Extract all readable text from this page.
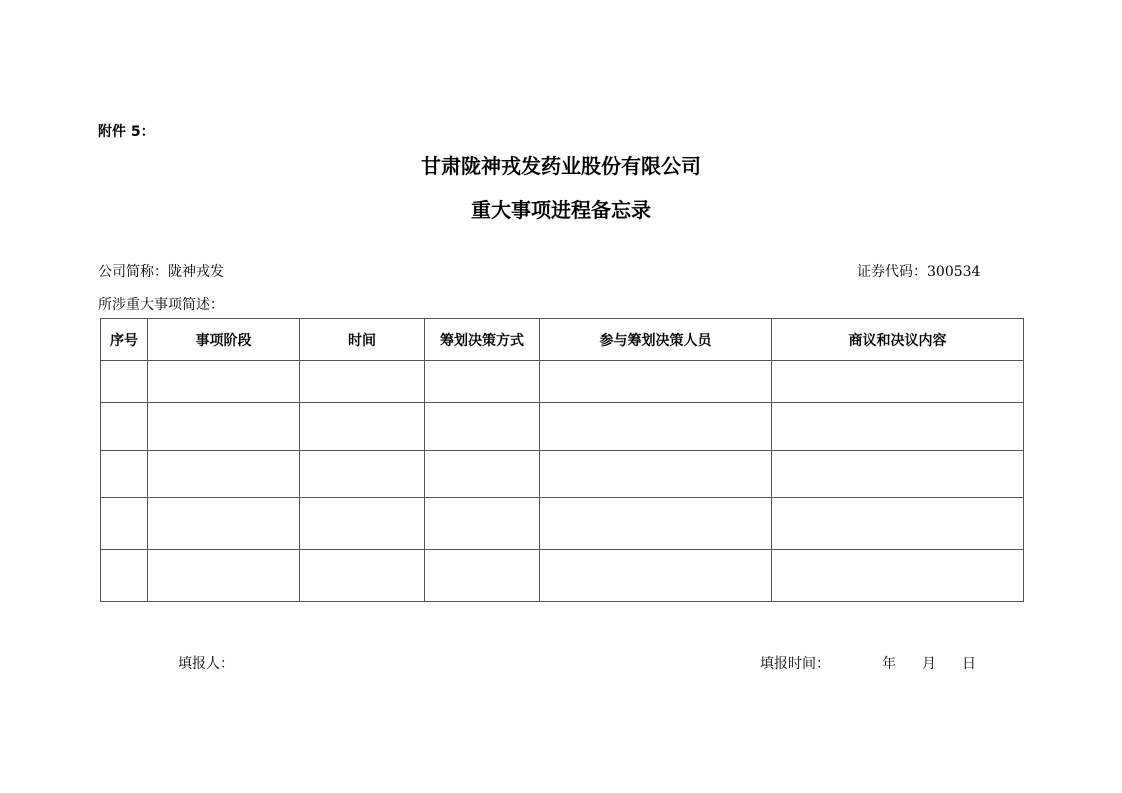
附件 5：
甘肃陇神戎发药业股份有限公司
重大事项进程备忘录
公司简称：陇神戎发	证券代码：300534
所涉重大事项简述：
序号	事项阶段	时间	筹划决策方式	参与筹划决策人员	商议和决议内容

填报人：	填报时间：	年 月 日
